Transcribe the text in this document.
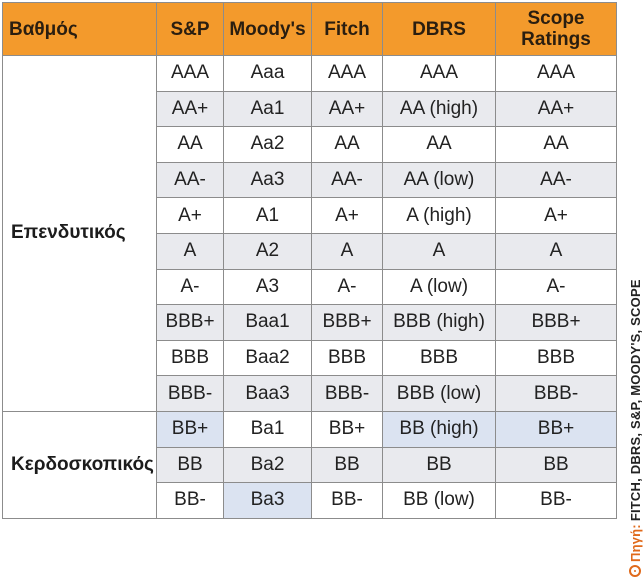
Βαθμός	S&P	Moody's	Fitch	DBRS	Scope Ratings
Επενδυτικός	AAA	Aaa	AAA	AAA	AAA
	AA+	Aa1	AA+	AA (high)	AA+
	AA	Aa2	AA	AA	AA
	AA-	Aa3	AA-	AA (low)	AA-
	A+	A1	A+	A (high)	A+
	A	A2	A	A	A
	A-	A3	A-	A (low)	A-
	BBB+	Baa1	BBB+	BBB (high)	BBB+
	BBB	Baa2	BBB	BBB	BBB
	BBB-	Baa3	BBB-	BBB (low)	BBB-
Κερδοσκοπικός	BB+	Ba1	BB+	BB (high)	BB+
	BB	Ba2	BB	BB	BB
	BB-	Ba3	BB-	BB (low)	BB-
Πηγή:
FITCH, DBRS, S&P, MOODY'S, SCOPE
